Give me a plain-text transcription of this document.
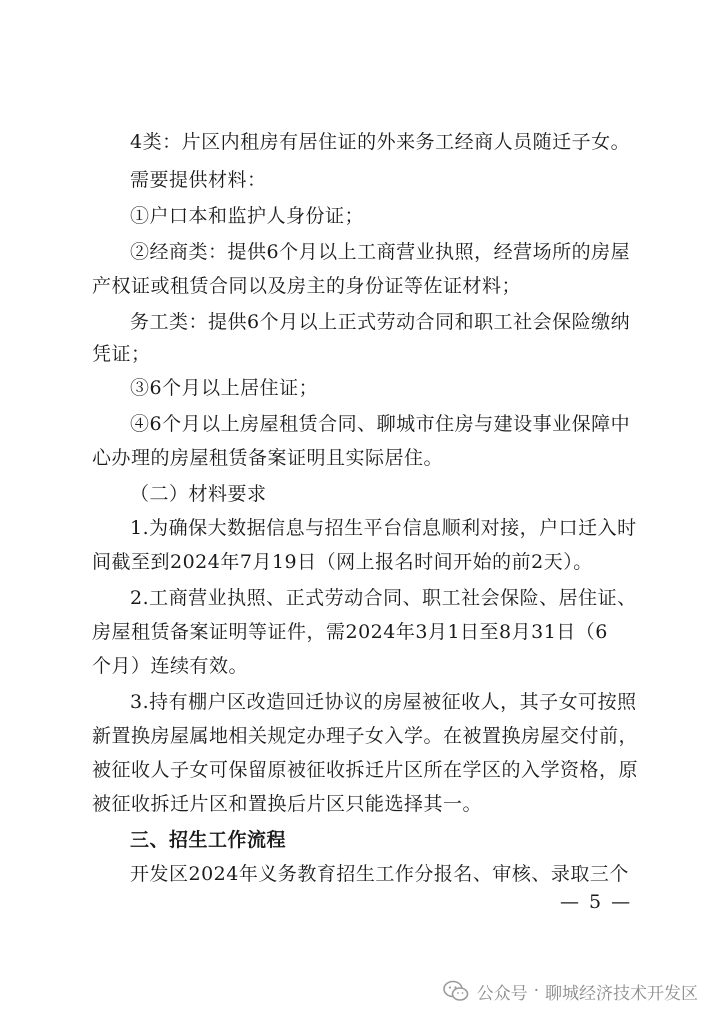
4类：片区内租房有居住证的外来务工经商人员随迁子女。
需要提供材料：
①户口本和监护人身份证；
②经商类：提供6个月以上工商营业执照，经营场所的房屋
产权证或租赁合同以及房主的身份证等佐证材料；
务工类：提供6个月以上正式劳动合同和职工社会保险缴纳
凭证；
③6个月以上居住证；
④6个月以上房屋租赁合同、聊城市住房与建设事业保障中
心办理的房屋租赁备案证明且实际居住。
（二）材料要求
1.为确保大数据信息与招生平台信息顺利对接，户口迁入时
间截至到2024年7月19日（网上报名时间开始的前2天）。
2.工商营业执照、正式劳动合同、职工社会保险、居住证、
房屋租赁备案证明等证件，需2024年3月1日至8月31日（6
个月）连续有效。
3.持有棚户区改造回迁协议的房屋被征收人，其子女可按照
新置换房屋属地相关规定办理子女入学。在被置换房屋交付前，
被征收人子女可保留原被征收拆迁片区所在学区的入学资格，原
被征收拆迁片区和置换后片区只能选择其一。
三、招生工作流程
开发区2024年义务教育招生工作分报名、审核、录取三个
— 5 —
公众号 · 聊城经济技术开发区
